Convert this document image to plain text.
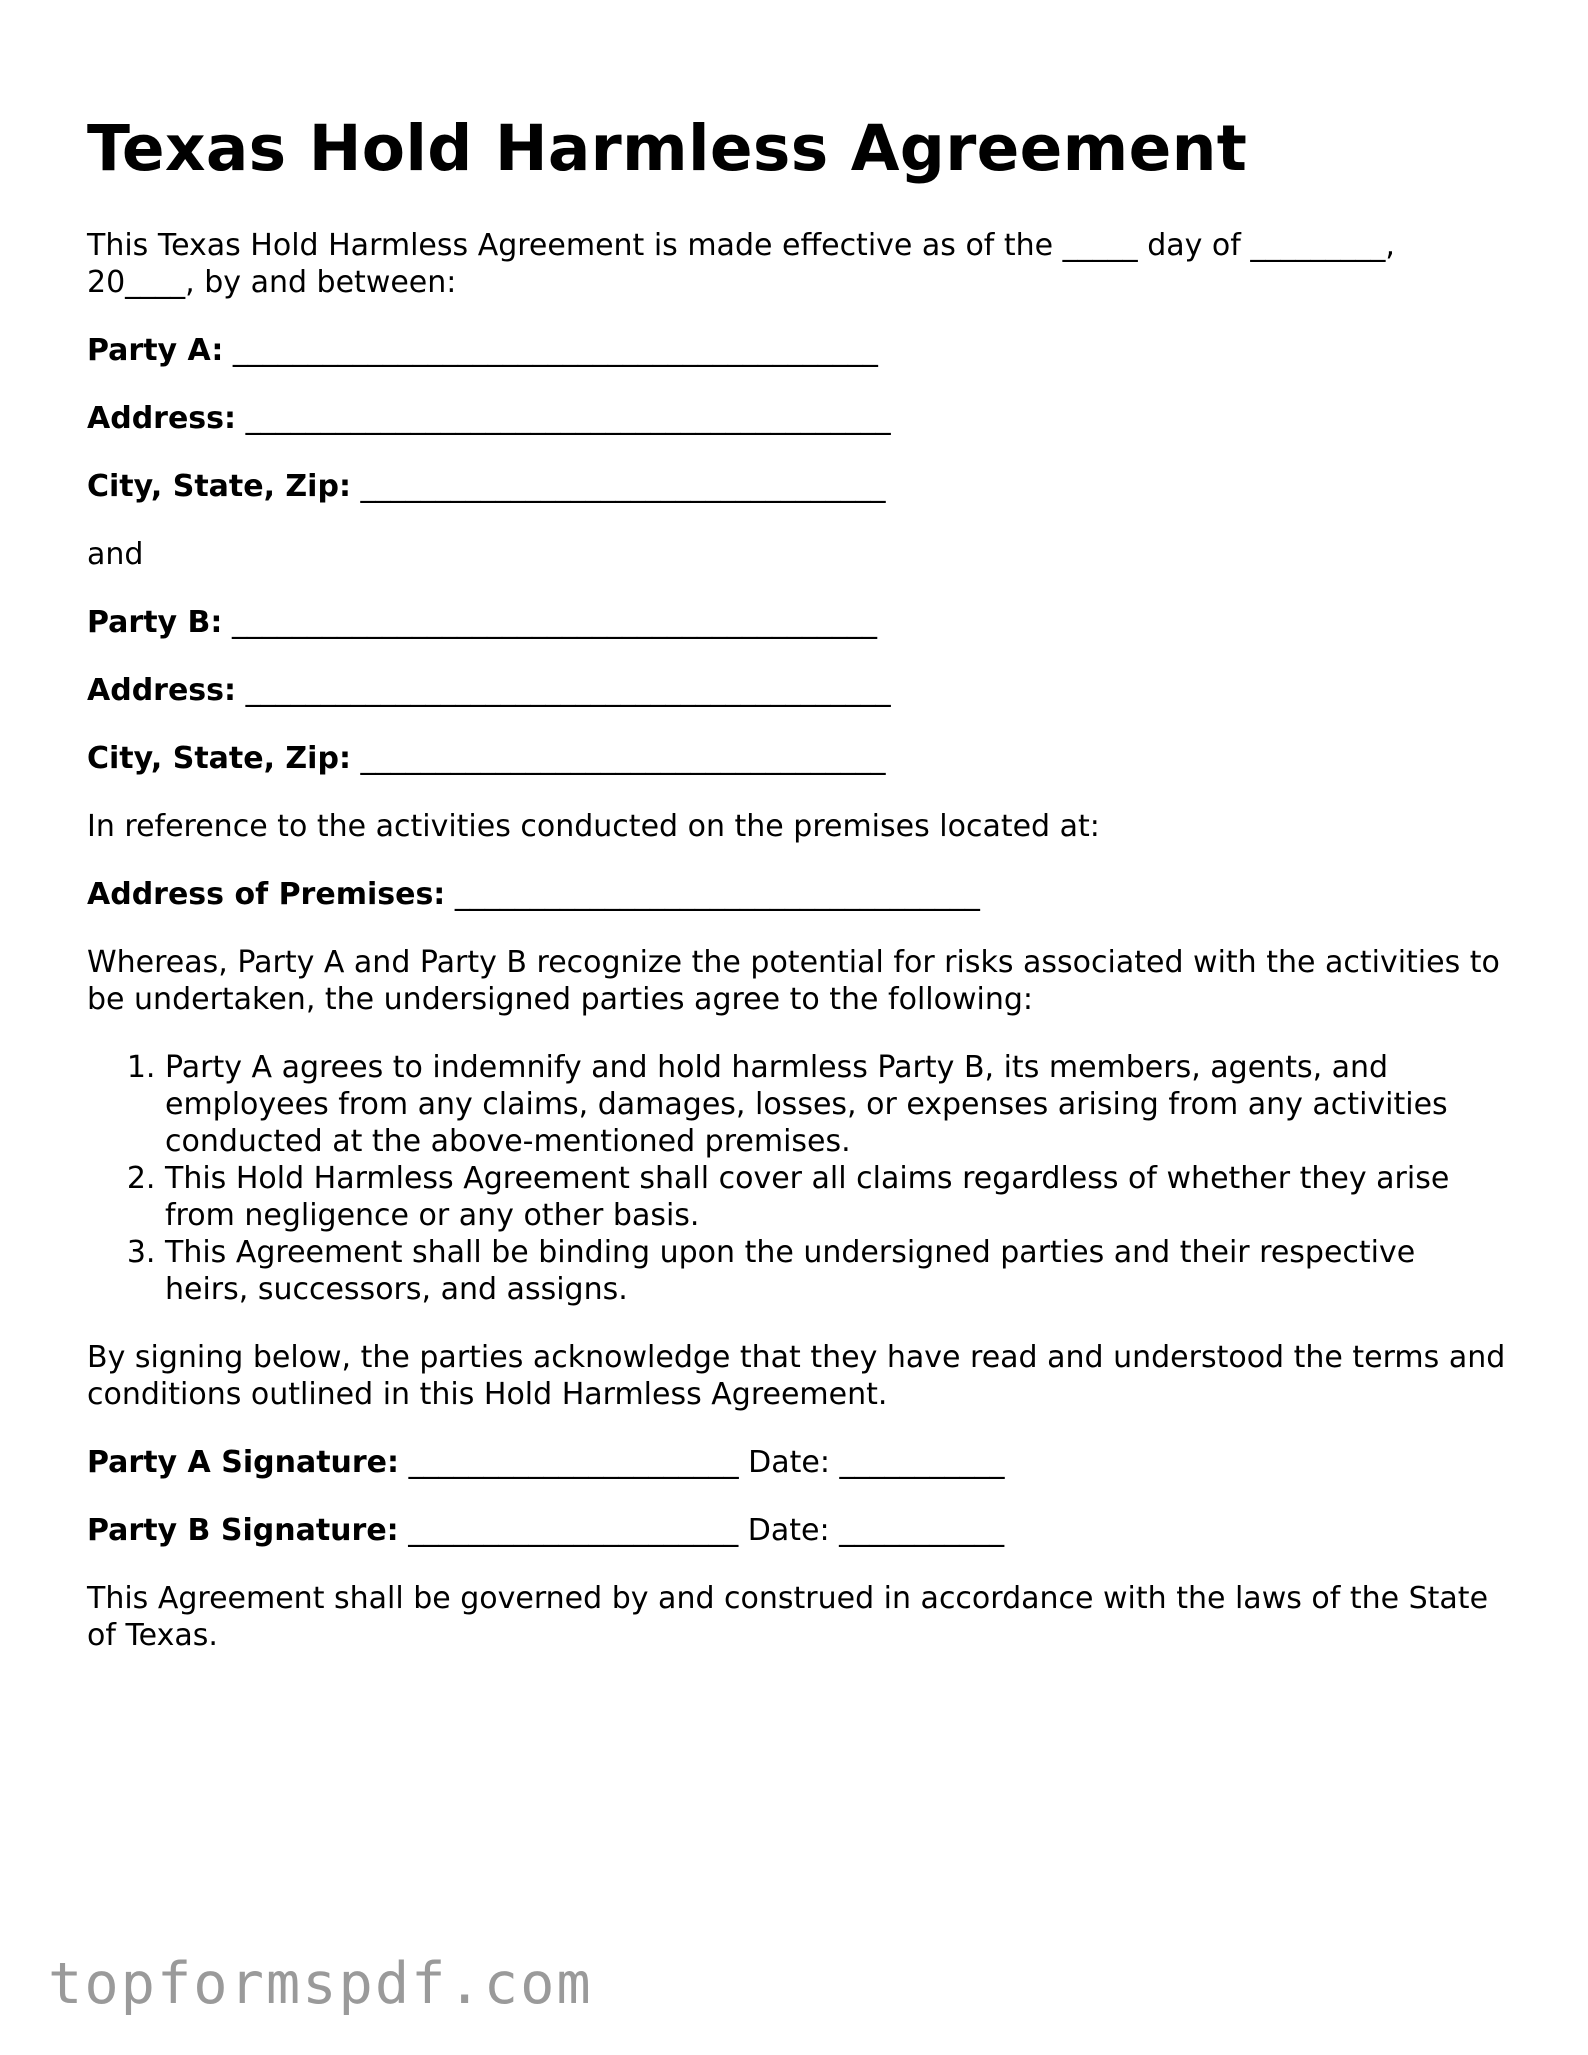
Texas Hold Harmless Agreement

This Texas Hold Harmless Agreement is made effective as of the _____ day of _________, 20____, by and between:

Party A: ___________________________________________
Address: ___________________________________________
City, State, Zip: ___________________________________

and

Party B: ___________________________________________
Address: ___________________________________________
City, State, Zip: ___________________________________

In reference to the activities conducted on the premises located at:

Address of Premises: ___________________________________

Whereas, Party A and Party B recognize the potential for risks associated with the activities to be undertaken, the undersigned parties agree to the following:

1. Party A agrees to indemnify and hold harmless Party B, its members, agents, and employees from any claims, damages, losses, or expenses arising from any activities conducted at the above-mentioned premises.
2. This Hold Harmless Agreement shall cover all claims regardless of whether they arise from negligence or any other basis.
3. This Agreement shall be binding upon the undersigned parties and their respective heirs, successors, and assigns.

By signing below, the parties acknowledge that they have read and understood the terms and conditions outlined in this Hold Harmless Agreement.

Party A Signature: ______________________ Date: ___________
Party B Signature: ______________________ Date: ___________

This Agreement shall be governed by and construed in accordance with the laws of the State of Texas.

topformspdf.com
